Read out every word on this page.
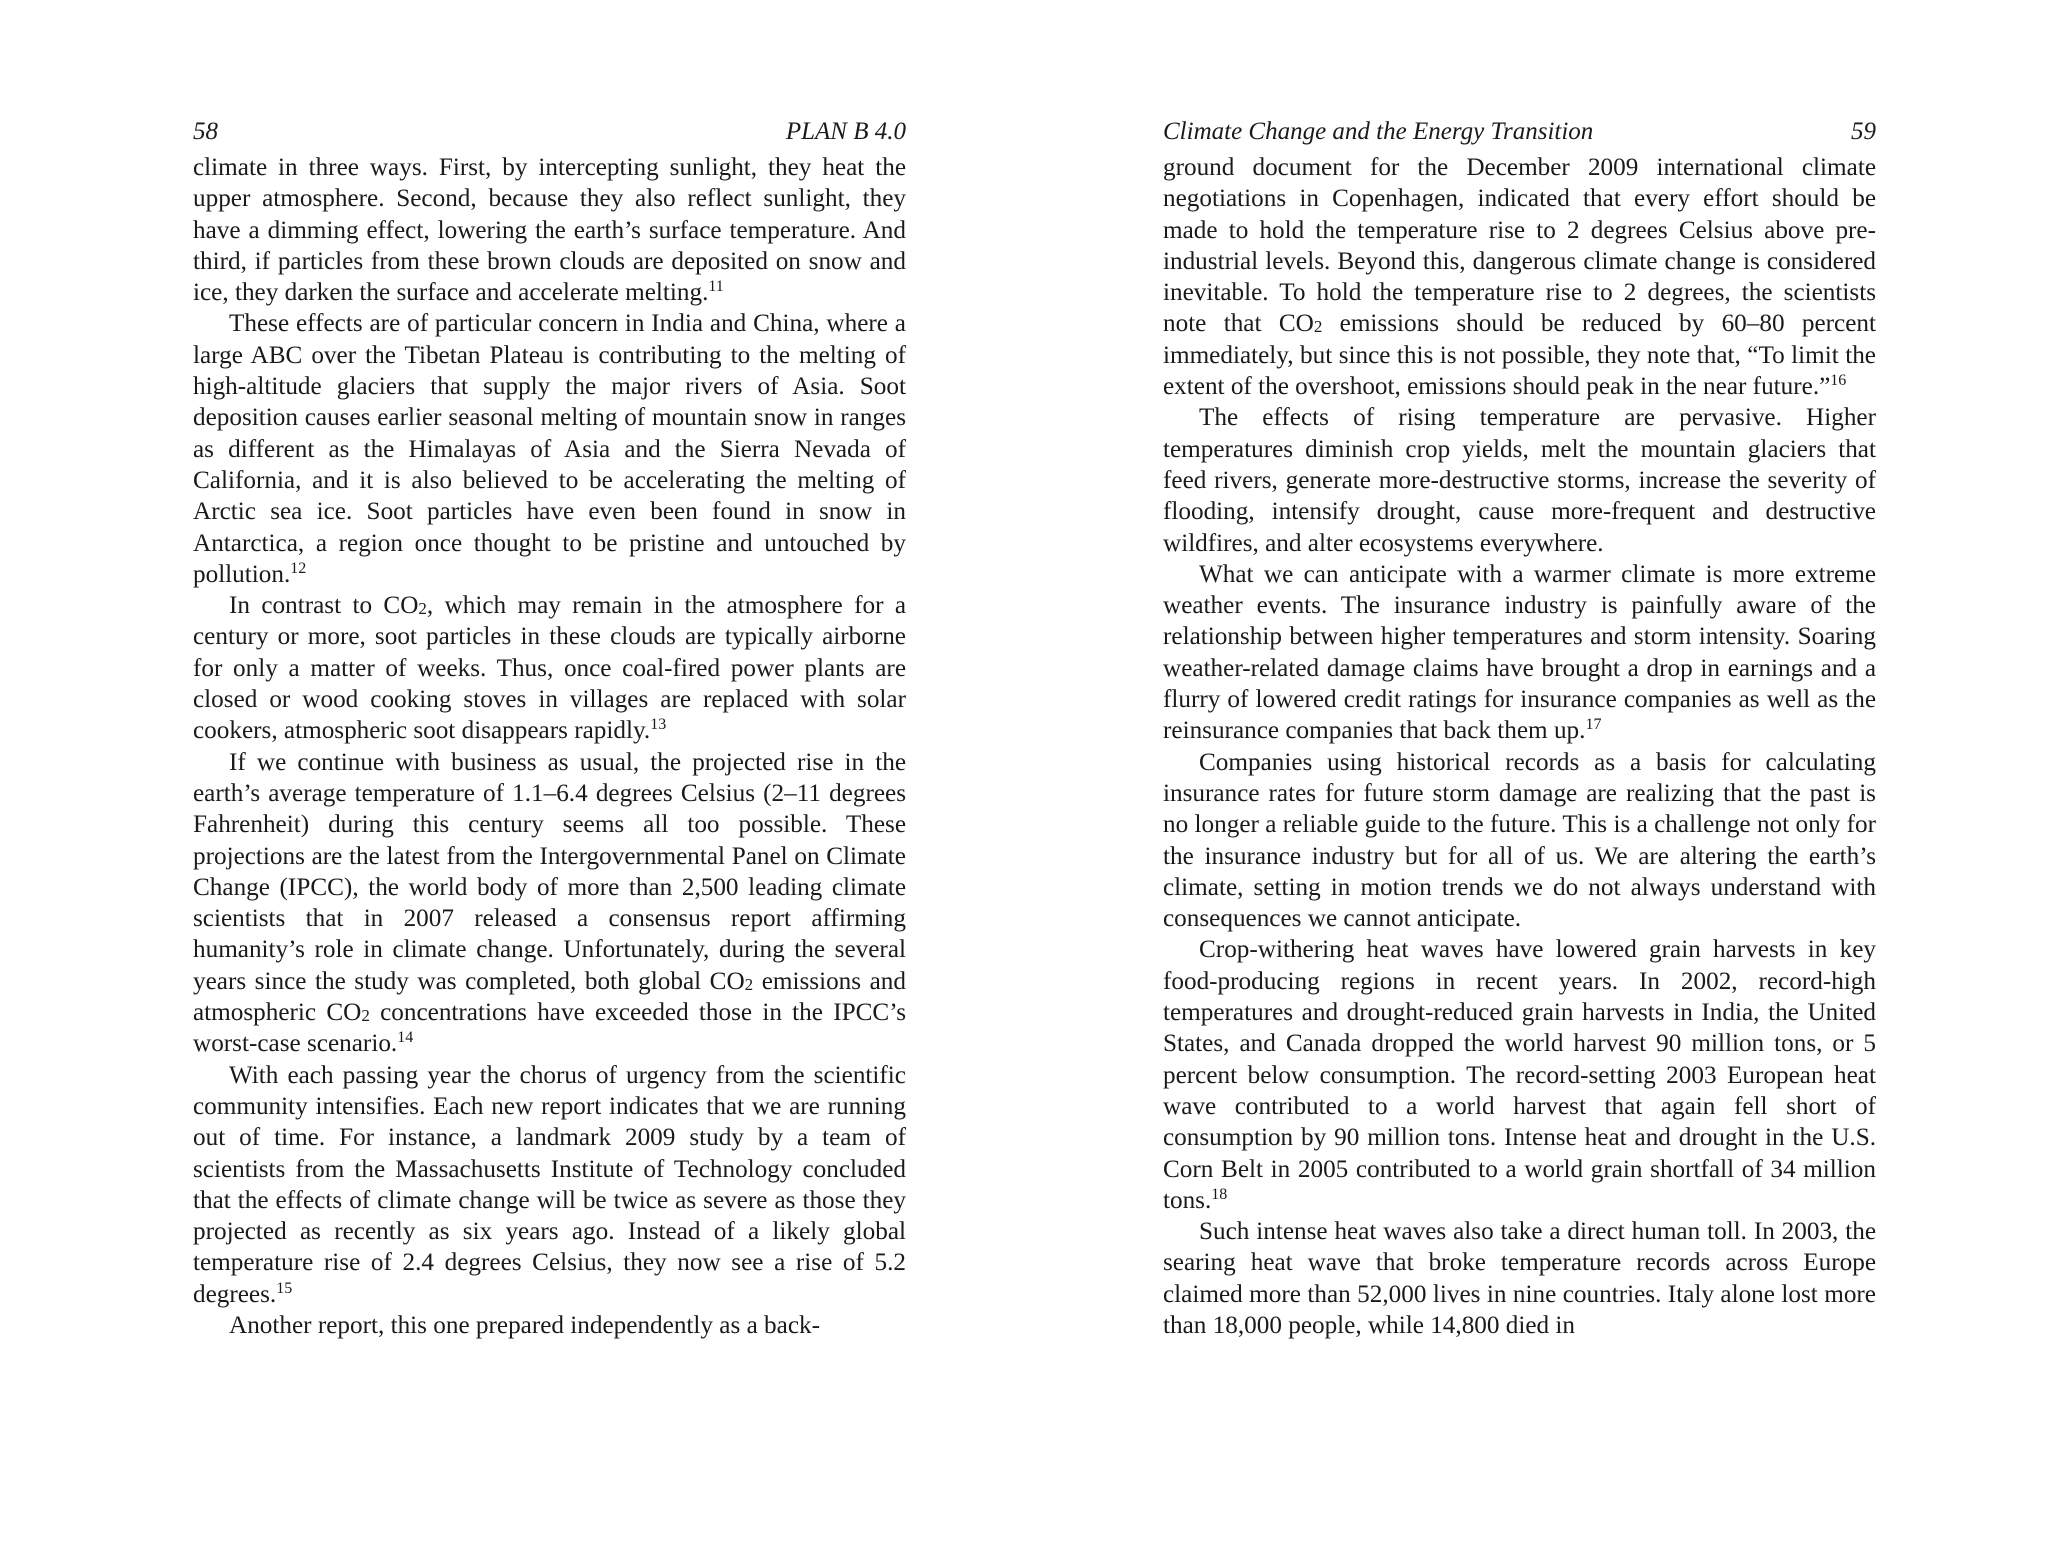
58	PLAN B 4.0

climate in three ways. First, by intercepting sunlight, they heat the upper atmosphere. Second, because they also reflect sunlight, they have a dimming effect, lowering the earth’s surface temperature. And third, if particles from these brown clouds are deposited on snow and ice, they darken the surface and accelerate melting.$^{11}$

These effects are of particular concern in India and China, where a large ABC over the Tibetan Plateau is contributing to the melting of high-altitude glaciers that supply the major rivers of Asia. Soot deposition causes earlier seasonal melting of mountain snow in ranges as different as the Himalayas of Asia and the Sierra Nevada of California, and it is also believed to be accelerating the melting of Arctic sea ice. Soot particles have even been found in snow in Antarctica, a region once thought to be pristine and untouched by pollution.$^{12}$

In contrast to $CO_2$, which may remain in the atmosphere for a century or more, soot particles in these clouds are typically airborne for only a matter of weeks. Thus, once coal-fired power plants are closed or wood cooking stoves in villages are replaced with solar cookers, atmospheric soot disappears rapidly.$^{13}$

If we continue with business as usual, the projected rise in the earth’s average temperature of 1.1–6.4 degrees Celsius (2–11 degrees Fahrenheit) during this century seems all too possible. These projections are the latest from the Intergovernmental Panel on Climate Change (IPCC), the world body of more than 2,500 leading climate scientists that in 2007 released a consensus report affirming humanity’s role in climate change. Unfortunately, during the several years since the study was completed, both global $CO_2$ emissions and atmospheric $CO_2$ concentrations have exceeded those in the IPCC’s worst-case scenario.$^{14}$

With each passing year the chorus of urgency from the scientific community intensifies. Each new report indicates that we are running out of time. For instance, a landmark 2009 study by a team of scientists from the Massachusetts Institute of Technology concluded that the effects of climate change will be twice as severe as those they projected as recently as six years ago. Instead of a likely global temperature rise of 2.4 degrees Celsius, they now see a rise of 5.2 degrees.$^{15}$

Another report, this one prepared independently as a back-

Climate Change and the Energy Transition	59

ground document for the December 2009 international climate negotiations in Copenhagen, indicated that every effort should be made to hold the temperature rise to 2 degrees Celsius above pre-industrial levels. Beyond this, dangerous climate change is considered inevitable. To hold the temperature rise to 2 degrees, the scientists note that $CO_2$ emissions should be reduced by 60–80 percent immediately, but since this is not possible, they note that, “To limit the extent of the overshoot, emissions should peak in the near future.”$^{16}$

The effects of rising temperature are pervasive. Higher temperatures diminish crop yields, melt the mountain glaciers that feed rivers, generate more-destructive storms, increase the severity of flooding, intensify drought, cause more-frequent and destructive wildfires, and alter ecosystems everywhere.

What we can anticipate with a warmer climate is more extreme weather events. The insurance industry is painfully aware of the relationship between higher temperatures and storm intensity. Soaring weather-related damage claims have brought a drop in earnings and a flurry of lowered credit ratings for insurance companies as well as the reinsurance companies that back them up.$^{17}$

Companies using historical records as a basis for calculating insurance rates for future storm damage are realizing that the past is no longer a reliable guide to the future. This is a challenge not only for the insurance industry but for all of us. We are altering the earth’s climate, setting in motion trends we do not always understand with consequences we cannot anticipate.

Crop-withering heat waves have lowered grain harvests in key food-producing regions in recent years. In 2002, record-high temperatures and drought-reduced grain harvests in India, the United States, and Canada dropped the world harvest 90 million tons, or 5 percent below consumption. The record-setting 2003 European heat wave contributed to a world harvest that again fell short of consumption by 90 million tons. Intense heat and drought in the U.S. Corn Belt in 2005 contributed to a world grain shortfall of 34 million tons.$^{18}$

Such intense heat waves also take a direct human toll. In 2003, the searing heat wave that broke temperature records across Europe claimed more than 52,000 lives in nine countries. Italy alone lost more than 18,000 people, while 14,800 died in
